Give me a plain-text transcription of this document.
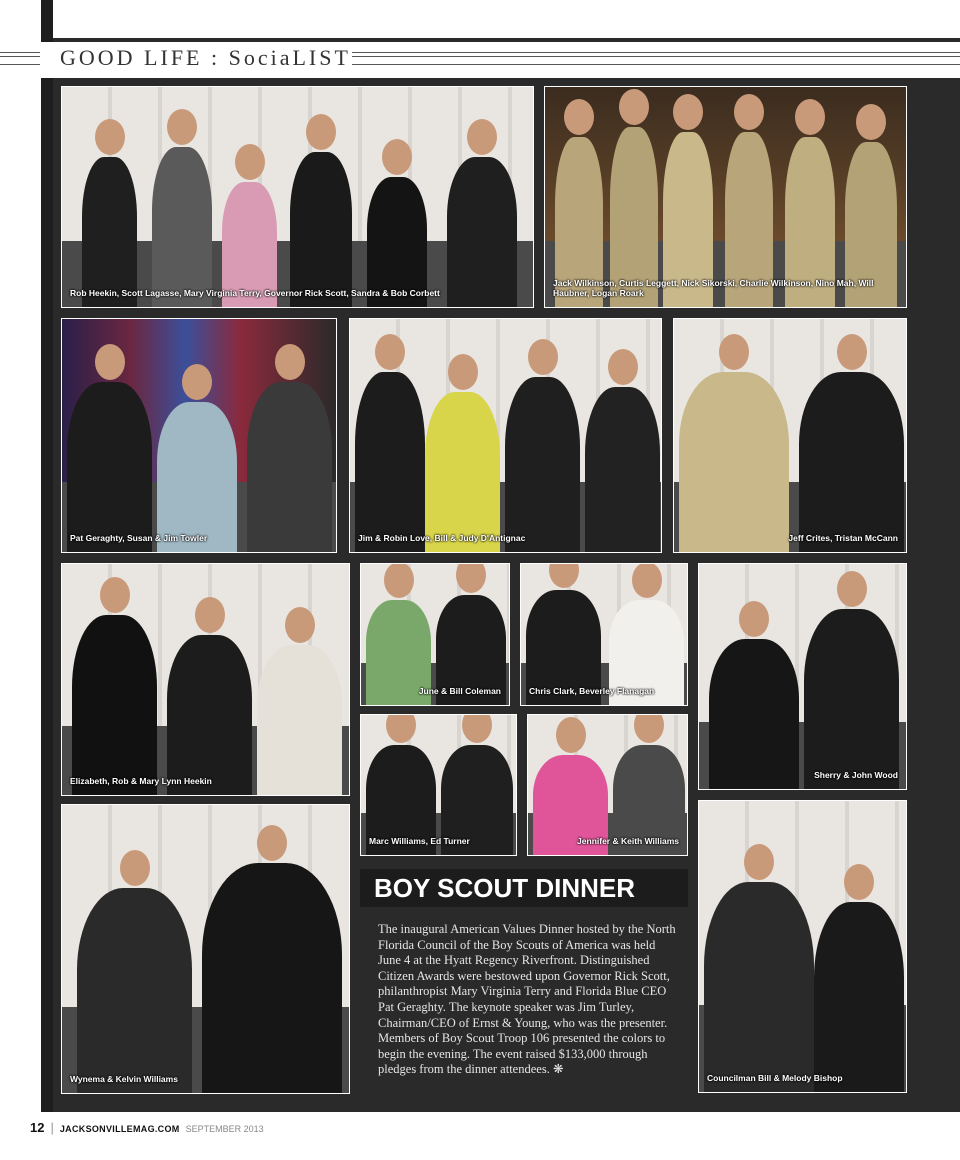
GOOD LIFE : SociaLIST
Rob Heekin, Scott Lagasse, Mary Virginia Terry, Governor Rick Scott, Sandra & Bob Corbett
Jack Wilkinson, Curtis Leggett, Nick Sikorski, Charlie Wilkinson, Nino Mah, Will Haubner, Logan Roark
Pat Geraghty, Susan & Jim Towler	Jim & Robin Love, Bill & Judy D'Antignac	Jeff Crites, Tristan McCann
Elizabeth, Rob & Mary Lynn Heekin
June & Bill Coleman	Chris Clark, Beverley Flanagan
Sherry & John Wood
Marc Williams, Ed Turner	Jennifer & Keith Williams
Wynema & Kelvin Williams
BOY SCOUT DINNER
The inaugural American Values Dinner hosted by the North Florida Council of the Boy Scouts of America was held June 4 at the Hyatt Regency Riverfront. Distinguished Citizen Awards were bestowed upon Governor Rick Scott, philanthropist Mary Virginia Terry and Florida Blue CEO Pat Geraghty. The keynote speaker was Jim Turley, Chairman/CEO of Ernst & Young, who was the presenter. Members of Boy Scout Troop 106 presented the colors to begin the evening. The event raised $133,000 through pledges from the dinner attendees. ❋
Councilman Bill & Melody Bishop
12 | JACKSONVILLEMAG.COM SEPTEMBER 2013
